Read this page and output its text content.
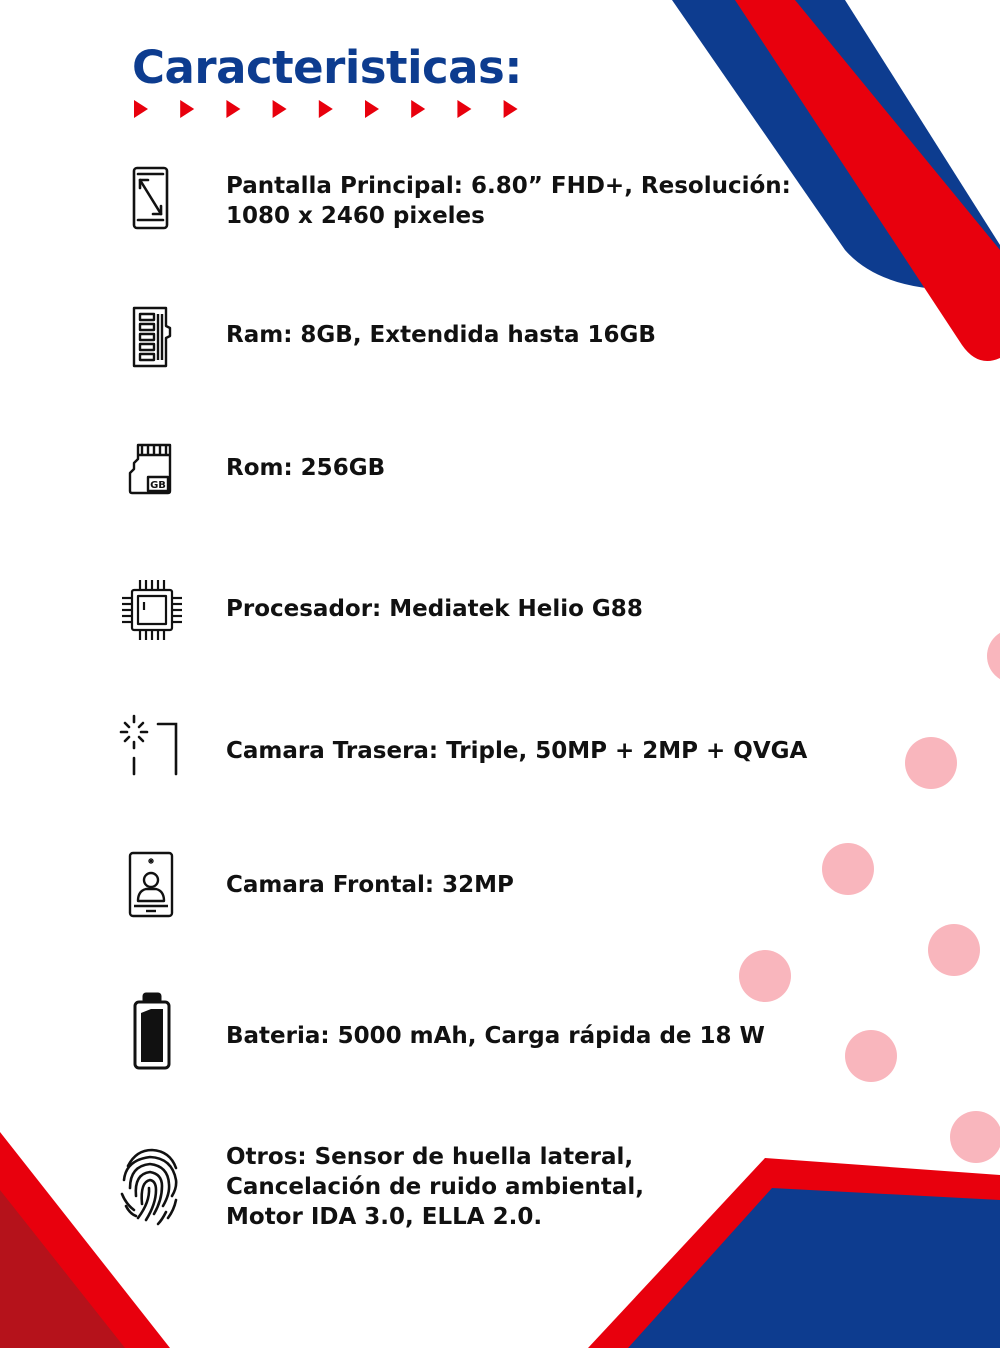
Caracteristicas:
Pantalla Principal: 6.80” FHD+, Resolución:
1080 x 2460 pixeles
Ram: 8GB, Extendida hasta 16GB
GB
Rom: 256GB
Procesador: Mediatek Helio G88
Camara Trasera: Triple, 50MP + 2MP + QVGA
Camara Frontal: 32MP
Bateria: 5000 mAh, Carga rápida de 18 W
Otros: Sensor de huella lateral,
Cancelación de ruido ambiental,
Motor IDA 3.0, ELLA 2.0.
